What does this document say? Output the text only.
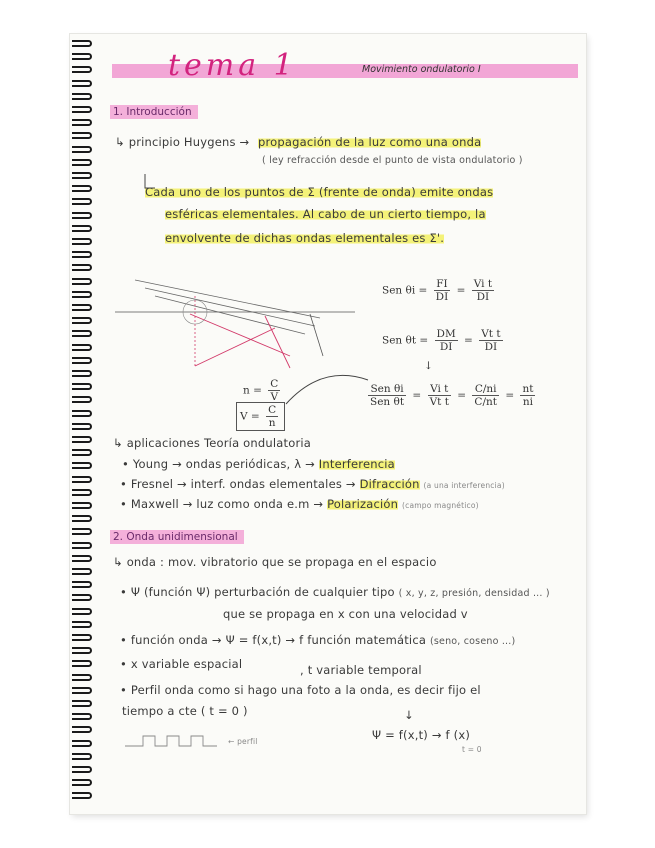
tema 1	Movimiento ondulatorio I
1. Introducción
↳ principio Huygens → propagación de la luz como una onda
( ley refracción desde el punto de vista ondulatorio )
Cada uno de los puntos de Σ (frente de onda) emite ondas
esféricas elementales. Al cabo de un cierto tiempo, la
envolvente de dichas ondas elementales es Σ'.
Sen $\theta i = \frac{FI}{DI} = \frac{\text{Vi t}}{DI}$
Sen $\theta t = \frac{DM}{DI} = \frac{\text{Vt t}}{DI}$
↓
$\frac{\text{Sen θi}}{\text{Sen θt}} = \frac{\text{Vi t}}{\text{Vt t}} = \frac{C/ni}{C/nt} = \frac{nt}{ni}$
$n = \frac{C}{V}$
$V = \frac{C}{n}$
↳ aplicaciones Teoría ondulatoria
• Young → ondas periódicas, λ → Interferencia
• Fresnel → interf. ondas elementales → Difracción (a una interferencia)
• Maxwell → luz como onda e.m → Polarización (campo magnético)
2. Onda unidimensional
↳ onda : mov. vibratorio que se propaga en el espacio
• Ψ (función Ψ) perturbación de cualquier tipo ( x, y, z, presión, densidad ... )
que se propaga en x con una velocidad v
• función onda → Ψ = f(x,t) → f función matemática (seno, coseno ...)
• x variable espacial	, t variable temporal
• Perfil onda como si hago una foto a la onda, es decir fijo el
tiempo a cte ( t = 0 )	↓
Ψ = f(x,t) → f (x)
t = 0
← perfil
